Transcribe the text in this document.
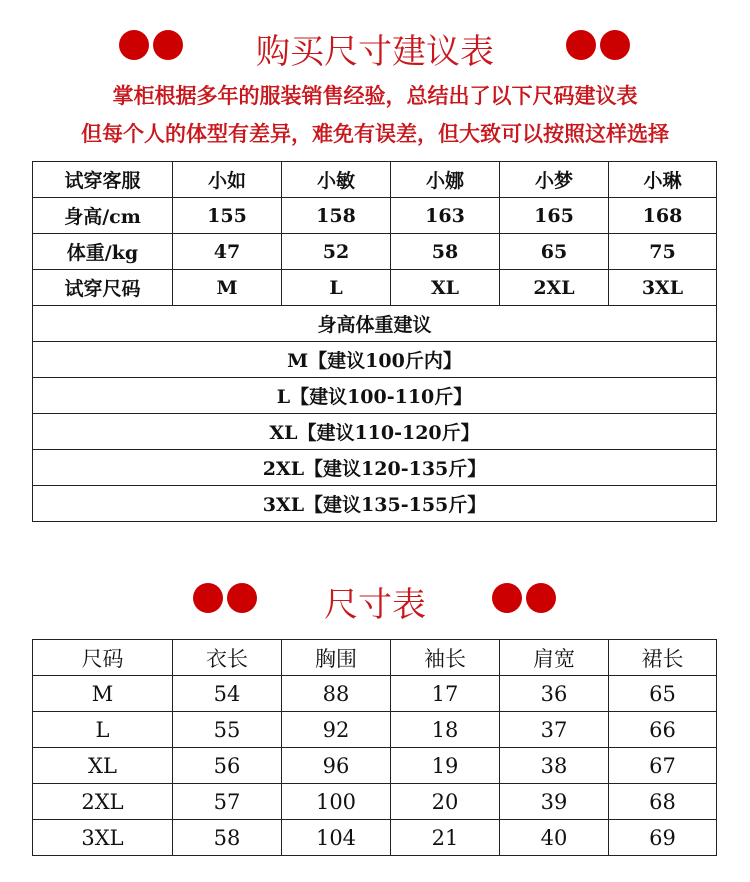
购买尺寸建议表
掌柜根据多年的服装销售经验，总结出了以下尺码建议表
但每个人的体型有差异，难免有误差，但大致可以按照这样选择
试穿客服	小如	小敏	小娜	小梦	小琳
身高/cm	155	158	163	165	168
体重/kg	47	52	58	65	75
试穿尺码	M	L	XL	2XL	3XL
身高体重建议					
M【建议100斤内】					
L【建议100-110斤】					
XL【建议110-120斤】					
2XL【建议120-135斤】					
3XL【建议135-155斤】					
尺寸表
尺码	衣长	胸围	袖长	肩宽	裙长
M	54	88	17	36	65
L	55	92	18	37	66
XL	56	96	19	38	67
2XL	57	100	20	39	68
3XL	58	104	21	40	69
